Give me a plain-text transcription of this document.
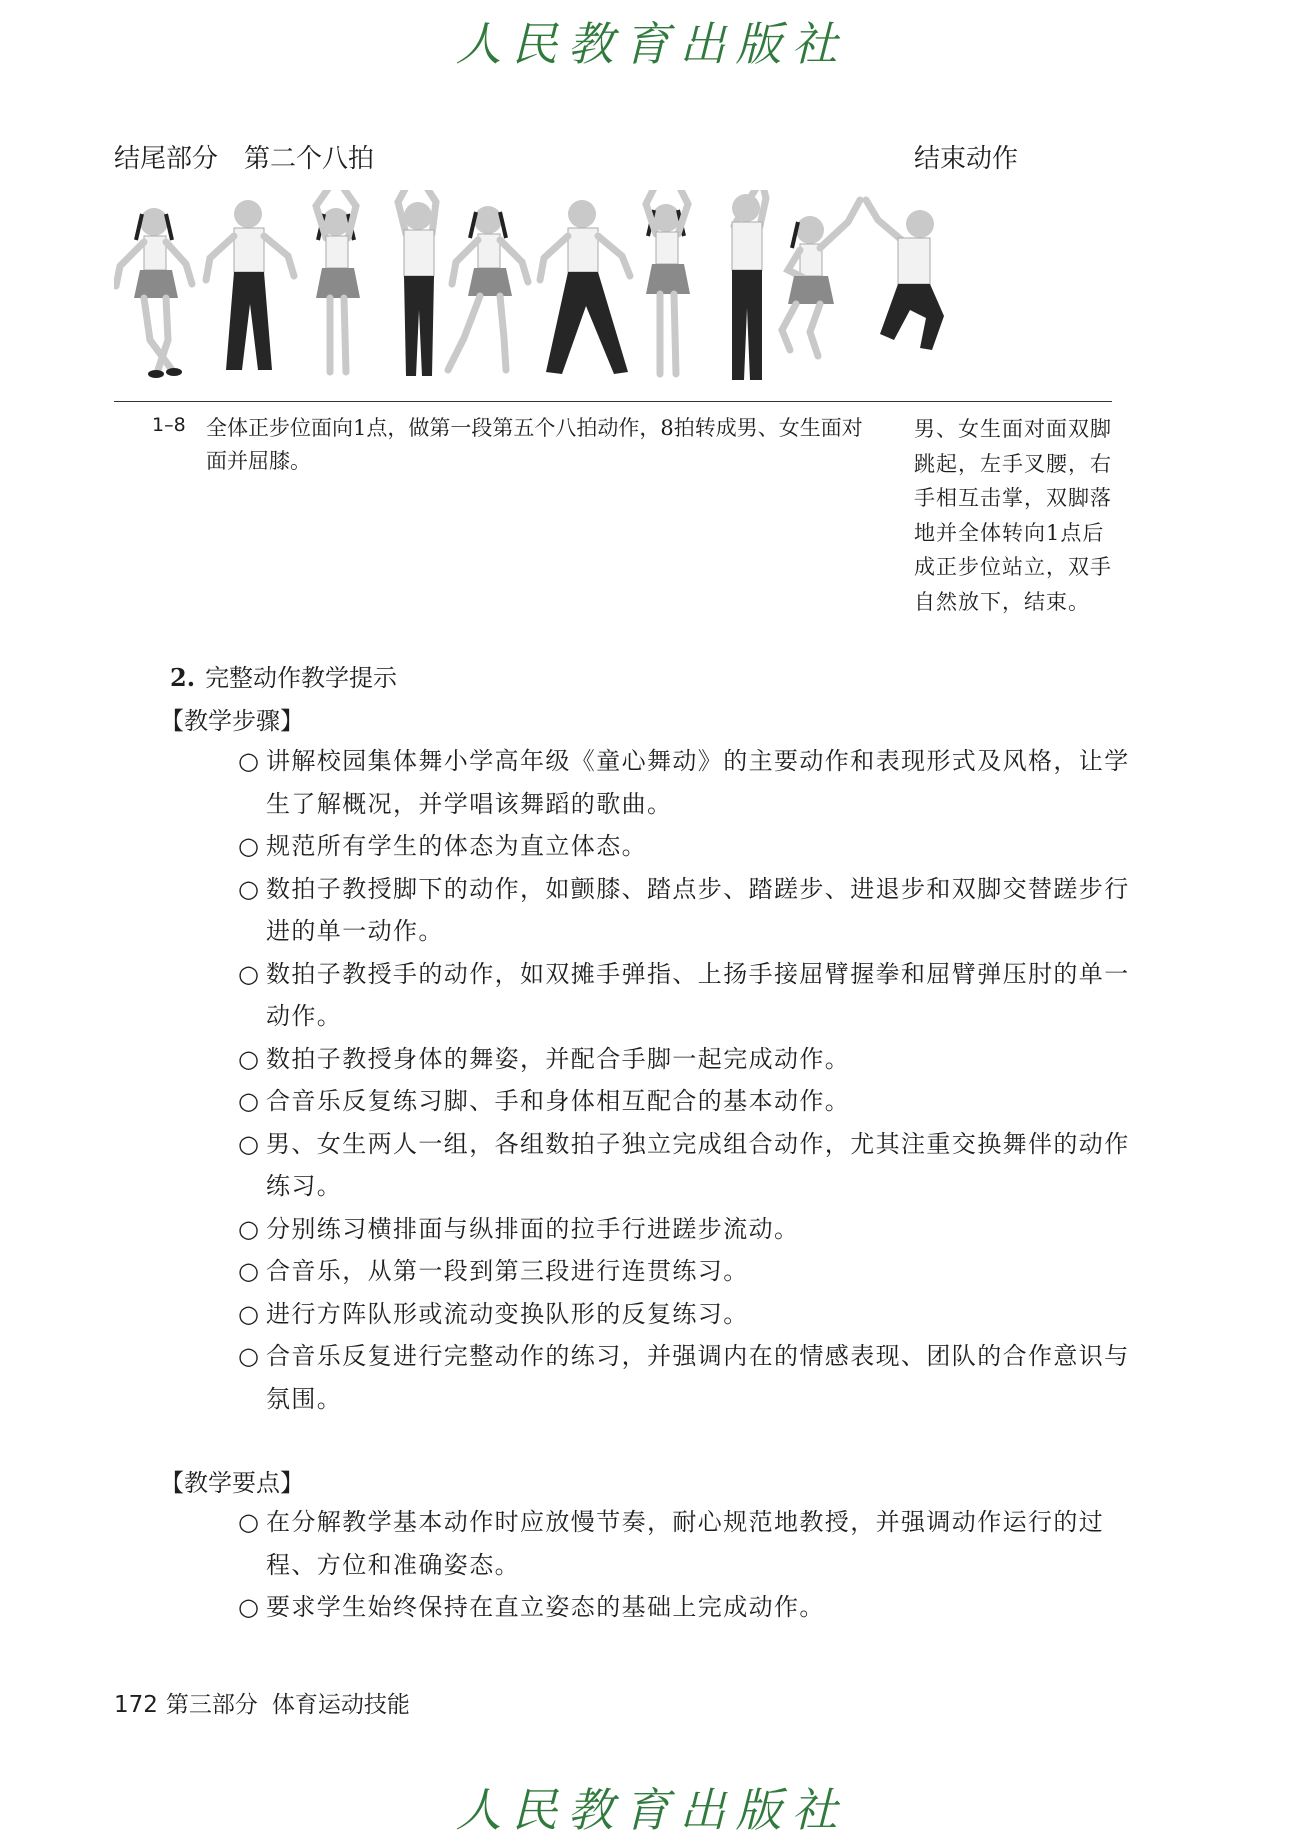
人民教育出版社
结尾部分 第二个八拍	结束动作
1–8 全体正步位面向1点，做第一段第五个八拍动作，8拍转成男、女生面对面并屈膝。
男、女生面对面双脚跳起，左手叉腰，右手相互击掌，双脚落地并全体转向1点后成正步位站立，双手自然放下，结束。
2. 完整动作教学提示
【教学步骤】
○ 讲解校园集体舞小学高年级《童心舞动》的主要动作和表现形式及风格，让学生了解概况，并学唱该舞蹈的歌曲。
○ 规范所有学生的体态为直立体态。
○ 数拍子教授脚下的动作，如颤膝、踏点步、踏蹉步、进退步和双脚交替蹉步行进的单一动作。
○ 数拍子教授手的动作，如双摊手弹指、上扬手接屈臂握拳和屈臂弹压肘的单一动作。
○ 数拍子教授身体的舞姿，并配合手脚一起完成动作。
○ 合音乐反复练习脚、手和身体相互配合的基本动作。
○ 男、女生两人一组，各组数拍子独立完成组合动作，尤其注重交换舞伴的动作练习。
○ 分别练习横排面与纵排面的拉手行进蹉步流动。
○ 合音乐，从第一段到第三段进行连贯练习。
○ 进行方阵队形或流动变换队形的反复练习。
○ 合音乐反复进行完整动作的练习，并强调内在的情感表现、团队的合作意识与氛围。
【教学要点】
○ 在分解教学基本动作时应放慢节奏，耐心规范地教授，并强调动作运行的过程、方位和准确姿态。
○ 要求学生始终保持在直立姿态的基础上完成动作。
172 第三部分 体育运动技能
人民教育出版社
